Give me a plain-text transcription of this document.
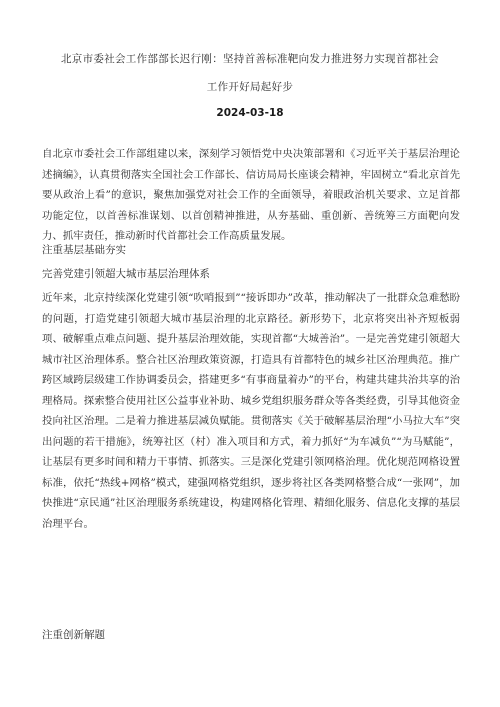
北京市委社会工作部部长迟行刚：坚持首善标准靶向发力推进努力实现首都社会
工作开好局起好步
2024-03-18

自北京市委社会工作部组建以来，深刻学习领悟党中央决策部署和《习近平关于基层治理论述摘编》，认真贯彻落实全国社会工作部长、信访局局长座谈会精神，牢固树立“看北京首先要从政治上看”的意识，聚焦加强党对社会工作的全面领导，着眼政治机关要求、立足首都功能定位，以首善标准谋划、以首创精神推进，从夯基础、重创新、善统筹三方面靶向发力、抓牢责任，推动新时代首都社会工作高质量发展。

注重基层基础夯实
完善党建引领超大城市基层治理体系

近年来，北京持续深化党建引领“吹哨报到”“接诉即办”改革，推动解决了一批群众急难愁盼的问题，打造党建引领超大城市基层治理的北京路径。新形势下，北京将突出补齐短板弱项、破解重点难点问题、提升基层治理效能，实现首都“大城善治”。一是完善党建引领超大城市社区治理体系。整合社区治理政策资源，打造具有首都特色的城乡社区治理典范。推广跨区域跨层级建工作协调委员会，搭建更多“有事商量着办”的平台，构建共建共治共享的治理格局。探索整合使用社区公益事业补助、城乡党组织服务群众等各类经费，引导其他资金投向社区治理。二是着力推进基层减负赋能。贯彻落实《关于破解基层治理“小马拉大车”突出问题的若干措施》，统筹社区（村）准入项目和方式，着力抓好“为车减负”“为马赋能”，让基层有更多时间和精力干事情、抓落实。三是深化党建引领网格治理。优化规范网格设置标准，依托“热线+网格”模式，建强网格党组织，逐步将社区各类网格整合成“一张网”，加快推进“京民通”社区治理服务系统建设，构建网格化管理、精细化服务、信息化支撑的基层治理平台。

注重创新解题
